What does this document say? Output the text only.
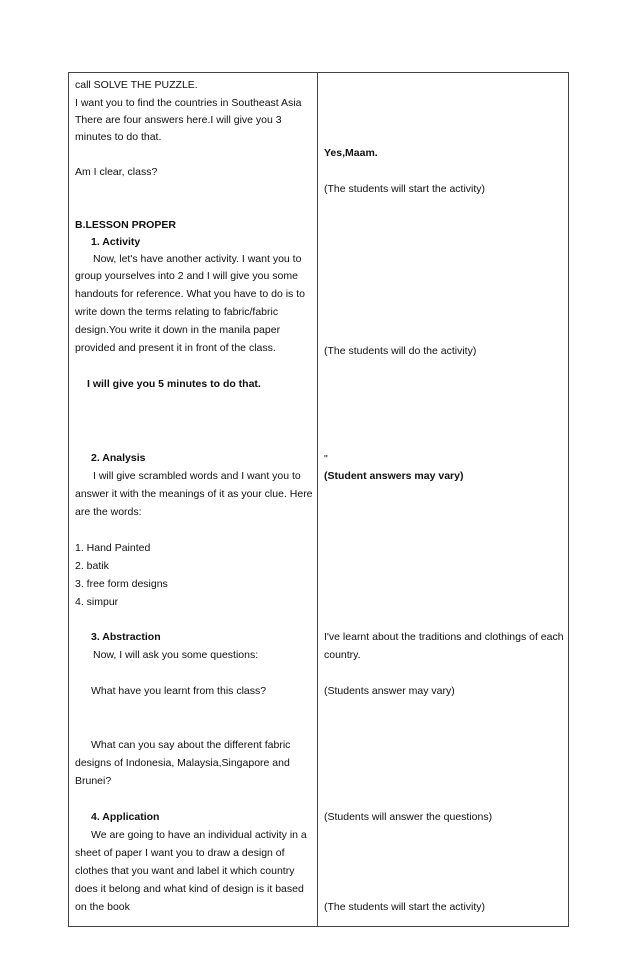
call SOLVE THE PUZZLE.
I want you to find the countries in Southeast Asia
There are four answers here.I will give you 3
minutes to do that.
Am I clear, class?
B.LESSON PROPER
1. Activity
Now, let's have another activity. I want you to
group yourselves into 2 and I will give you some
handouts for reference. What you have to do is to
write down the terms relating to fabric/fabric
design.You write it down in the manila paper
provided and present it in front of the class.
I will give you 5 minutes to do that.
2. Analysis
I will give scrambled words and I want you to
answer it with the meanings of it as your clue. Here
are the words:
1. Hand Painted
2. batik
3. free form designs
4. simpur
3. Abstraction
Now, I will ask you some questions:
What have you learnt from this class?
What can you say about the different fabric
designs of Indonesia, Malaysia,Singapore and
Brunei?
4. Application
We are going to have an individual activity in a
sheet of paper I want you to draw a design of
clothes that you want and label it which country
does it belong and what kind of design is it based
on the book
Yes,Maam.
(The students will start the activity)
(The students will do the activity)
"
(Student answers may vary)
I've learnt about the traditions and clothings of each
country.
(Students answer may vary)
(Students will answer the questions)
(The students will start the activity)
